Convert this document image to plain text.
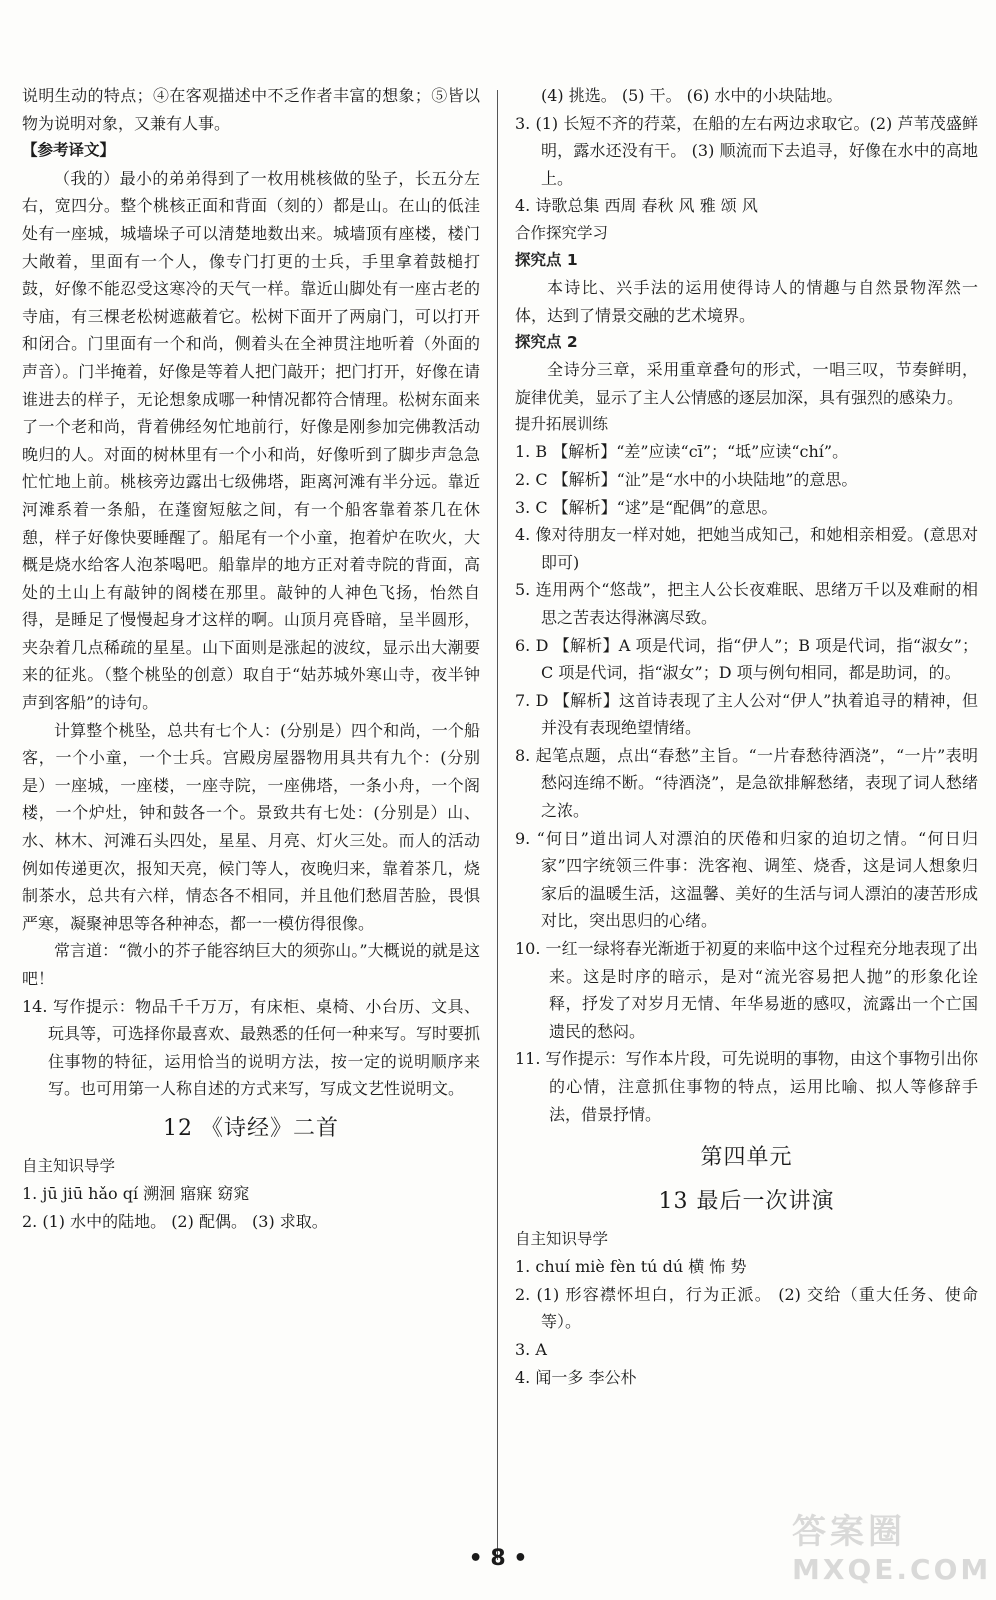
说明生动的特点；④在客观描述中不乏作者丰富的想象；⑤皆以物为说明对象，又兼有人事。

【参考译文】

（我的）最小的弟弟得到了一枚用桃核做的坠子，长五分左右，宽四分。整个桃核正面和背面（刻的）都是山。在山的低洼处有一座城，城墙垛子可以清楚地数出来。城墙顶有座楼，楼门大敞着，里面有一个人，像专门打更的士兵，手里拿着鼓槌打鼓，好像不能忍受这寒冷的天气一样。靠近山脚处有一座古老的寺庙，有三棵老松树遮蔽着它。松树下面开了两扇门，可以打开和闭合。门里面有一个和尚，侧着头在全神贯注地听着（外面的声音）。门半掩着，好像是等着人把门敲开；把门打开，好像在请谁进去的样子，无论想象成哪一种情况都符合情理。松树东面来了一个老和尚，背着佛经匆忙地前行，好像是刚参加完佛教活动晚归的人。对面的树林里有一个小和尚，好像听到了脚步声急急忙忙地上前。桃核旁边露出七级佛塔，距离河滩有半分远。靠近河滩系着一条船，在蓬窗短舷之间，有一个船客靠着茶几在休憩，样子好像快要睡醒了。船尾有一个小童，抱着炉在吹火，大概是烧水给客人泡茶喝吧。船靠岸的地方正对着寺院的背面，高处的土山上有敲钟的阁楼在那里。敲钟的人神色飞扬，怡然自得，是睡足了慢慢起身才这样的啊。山顶月亮昏暗，呈半圆形，夹杂着几点稀疏的星星。山下面则是涨起的波纹，显示出大潮要来的征兆。（整个桃坠的创意）取自于“姑苏城外寒山寺，夜半钟声到客船”的诗句。

计算整个桃坠，总共有七个人：(分别是）四个和尚，一个船客，一个小童，一个士兵。宫殿房屋器物用具共有九个：(分别是）一座城，一座楼，一座寺院，一座佛塔，一条小舟，一个阁楼，一个炉灶，钟和鼓各一个。景致共有七处：(分别是）山、水、林木、河滩石头四处，星星、月亮、灯火三处。而人的活动例如传递更次，报知天亮，候门等人，夜晚归来，靠着茶几，烧制茶水，总共有六样，情态各不相同，并且他们愁眉苦脸，畏惧严寒，凝聚神思等各种神态，都一一模仿得很像。

常言道：“微小的芥子能容纳巨大的须弥山。”大概说的就是这吧！

14. 写作提示：物品千千万万，有床柜、桌椅、小台历、文具、玩具等，可选择你最喜欢、最熟悉的任何一种来写。写时要抓住事物的特征，运用恰当的说明方法，按一定的说明顺序来写。也可用第一人称自述的方式来写，写成文艺性说明文。

12 《诗经》二首

自主知识导学

1. jū jiū hǎo qí 溯洄 寤寐 窈窕

2. (1) 水中的陆地。 (2) 配偶。 (3) 求取。

(4) 挑选。 (5) 干。 (6) 水中的小块陆地。

3. (1) 长短不齐的荇菜，在船的左右两边求取它。(2) 芦苇茂盛鲜明，露水还没有干。 (3) 顺流而下去追寻，好像在水中的高地上。

4. 诗歌总集 西周 春秋 风 雅 颂 风

合作探究学习

探究点 1

本诗比、兴手法的运用使得诗人的情趣与自然景物浑然一体，达到了情景交融的艺术境界。

探究点 2

全诗分三章，采用重章叠句的形式，一唱三叹，节奏鲜明，旋律优美，显示了主人公情感的逐层加深，具有强烈的感染力。

提升拓展训练

1. B 【解析】“差”应读“cī”；“坻”应读“chí”。

2. C 【解析】“沚”是“水中的小块陆地”的意思。

3. C 【解析】“逑”是“配偶”的意思。

4. 像对待朋友一样对她，把她当成知己，和她相亲相爱。(意思对即可)

5. 连用两个“悠哉”，把主人公长夜难眠、思绪万千以及难耐的相思之苦表达得淋漓尽致。

6. D 【解析】A 项是代词，指“伊人”；B 项是代词，指“淑女”；C 项是代词，指“淑女”；D 项与例句相同，都是助词，的。

7. D 【解析】这首诗表现了主人公对“伊人”执着追寻的精神，但并没有表现绝望情绪。

8. 起笔点题，点出“春愁”主旨。“一片春愁待酒浇”，“一片”表明愁闷连绵不断。“待酒浇”，是急欲排解愁绪，表现了词人愁绪之浓。

9. “何日”道出词人对漂泊的厌倦和归家的迫切之情。“何日归家”四字统领三件事：洗客袍、调笙、烧香，这是词人想象归家后的温暖生活，这温馨、美好的生活与词人漂泊的凄苦形成对比，突出思归的心绪。

10. 一红一绿将春光渐逝于初夏的来临中这个过程充分地表现了出来。这是时序的暗示，是对“流光容易把人抛”的形象化诠释，抒发了对岁月无情、年华易逝的感叹，流露出一个亡国遗民的愁闷。

11. 写作提示：写作本片段，可先说明的事物，由这个事物引出你的心情，注意抓住事物的特点，运用比喻、拟人等修辞手法，借景抒情。

第四单元
13 最后一次讲演

自主知识导学

1. chuí miè fèn tú dú 横 怖 势

2. (1) 形容襟怀坦白，行为正派。 (2) 交给（重大任务、使命等）。

3. A

4. 闻一多 李公朴

• 8 •
答案圈
MXQE.COM
